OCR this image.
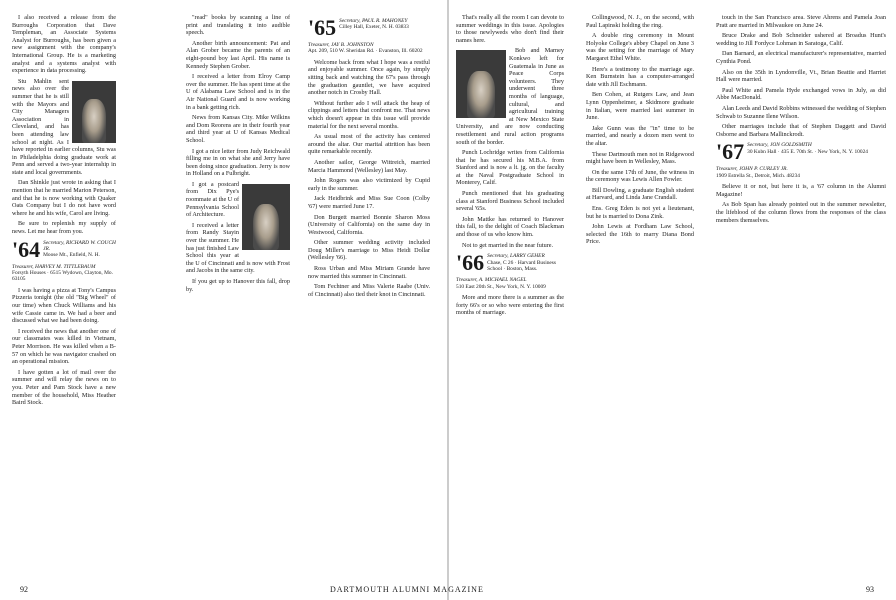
I also received a release from the Burroughs Corporation that Dave Templeman, an Associate Systems Analyst for Burroughs, has been given a new assignment with the company's International Group. He is a marketing analyst and a systems analyst with experience in data processing.

Stu Mahlin sent news also over the summer that he is still with the Mayors and City Managers Association in Cleveland, and has been attending law school at night. As I have reported in earlier columns, Stu was in Philadelphia doing graduate work at Penn and served a two-year internship in state and local governments.

Dan Shinkle just wrote in asking that I mention that he married Marion Peterson, and that he is now working with Quaker Oats Company but I do not have word where he and his wife, Carol are living.

Be sure to replenish my supply of news. Let me hear from you.

'64 Secretary, RICHARD W. COUCH JR.
Moose Mt., Enfield, N. H.
Treasurer, HARVEY M. TITTLEBAUM
Forsyth Houses · 6515 Wydown, Clayton, Mo. 63105

I was having a pizza at Tony's Campus Pizzeria tonight (the old "Big Wheel" of our time) when Chuck Williams and his wife Cassie came in. We had a beer and discussed what we had been doing.

I received the news that another one of our classmates was killed in Vietnam, Peter Morrison. He was killed when a B-57 on which he was navigator crashed on an operational mission.

I have gotten a lot of mail over the summer and will relay the news on to you. Peter and Pam Stock have a new member of the household, Miss Heather Baird Stock.

"read" books by scanning a line of print and translating it into audible speech.

Another birth announcement: Pat and Alan Grober became the parents of an eight-pound boy last April. His name is Kennedy Stephen Grober.

I received a letter from Elroy Camp over the summer. He has spent time at the U of Alabama Law School and is in the Air National Guard and is now working in a bank getting rich.

News from Kansas City. Mike Wilkins and Dom Reorens are in their fourth year and third year at U of Kansas Medical School.

I got a nice letter from Judy Reichwald filling me in on what she and Jerry have been doing since graduation. Jerry is now in Holland on a Fulbright.

I got a postcard from Dix Pye's roommate at the U of Pennsylvania School of Architecture.

I received a letter from Randy Stayin over the summer. He has just finished Law School this year at the U of Cincinnati and is now with Frost and Jacobs in the same city.

If you get up to Hanover this fall, drop by.

'65 Secretary, PAUL R. MAHONEY
Cilley Hall, Exeter, N. H. 03833
Treasurer, JAY B. JOHNSTON
Apt. 209, 510 W. Sheridan Rd. · Evanston, Ill. 60202

Welcome back from what I hope was a restful and enjoyable summer. Once again, by simply sitting back and watching the 67's pass through the graduation gauntlet, we have acquired another notch in Crosby Hall.

Without further ado I will attack the heap of clippings and letters that confront me. That news which doesn't appear in this issue will provide material for the next several months.

As usual most of the activity has centered around the altar. Our marital attrition has been quite remarkable recently.

Another sailor, George Wittreich, married Marcia Hammond (Wellesley) last May.

John Rogers was also victimized by Cupid early in the summer.

Jack Heidbrink and Miss Sue Coon (Colby '67) were married June 17.

Don Burgett married Bonnie Sharon Moss (University of California) on the same day in Westwood, California.

Other summer wedding activity included Doug Miller's marriage to Miss Heidi Dollar (Wellesley '66).

Ross Urban and Miss Miriam Grande have now married this summer in Cincinnati.

Tom Fechtner and Miss Valerie Raabe (Univ. of Cincinnati) also tied their knot in Cincinnati.

That's really all the room I can devote to summer weddings in this issue. Apologies to those newlyweds who don't find their names here.

Bob and Marney Konkwo left for Guatemala in June as Peace Corps volunteers. They underwent three months of language, cultural, and agricultural training at New Mexico State University, and are now conducting resettlement and rural action programs south of the border.

Punch Lochridge writes from California that he has secured his M.B.A. from Stanford and is now a lt. jg. on the faculty at the Naval Postgraduate School in Monterey, Calif.

Punch mentioned that his graduating class at Stanford Business School included several '65s.

John Mattke has returned to Hanover this fall, to the delight of Coach Blackman and those of us who know him.

Not to get married in the near future.

'66 Secretary, LARRY GEHER
Chase, C 26 · Harvard Business School · Boston, Mass.
Treasurer, A. MICHAEL NAGEL
510 East 20th St., New York, N. Y. 10009

More and more there is a summer as the forty 66's or so who were entering the first months of marriage.

Collingwood, N. J., on the second, with Paul Lapinski holding the ring.

A double ring ceremony in Mount Holyoke College's abbey Chapel on June 3 was the setting for the marriage of Mary Margaret Ethel White.

Here's a testimony to the marriage age. Ken Burnstein has a computer-arranged date with Jill Eschmann.

Ben Cohen, at Rutgers Law, and Jean Lynn Oppenheimer, a Skidmore graduate in Italian, were married last summer in June.

Jake Gunn was the "in" time to be married, and nearly a dozen men went to the altar.

These Dartmouth men not in Ridgewood might have been in Wellesley, Mass.

On the same 17th of June, the witness in the ceremony was Lewis Allen Fowler.

Bill Dowling, a graduate English student at Harvard, and Linda Jane Crandall.

Ens. Greg Eden is not yet a lieutenant, but he is married to Dona Zink.

John Lewis at Fordham Law School, selected the 16th to marry Diana Bond Price.

touch in the San Francisco area. Steve Ahrens and Pamela Joan Pratt are married in Milwaukee on June 24.

Bruce Drake and Bob Schneider ushered at Broadus Hunt's wedding to Jill Fordyce Lohman in Saratoga, Calif.

Dan Barnard, an electrical manufacturer's representative, married Cynthia Pond.

Also on the 35th in Lyndonville, Vt., Brian Beattie and Harriet Hall were married.

Paul White and Pamela Hyde exchanged vows in July, as did Abbe MacDonald.

Alan Leeds and David Robbins witnessed the wedding of Stephen Schwab to Suzanne Ilene Wilson.

Other marriages include that of Stephen Daggett and David Osborne and Barbara Mallinckrodt.

'67 Secretary, JON GOLDSMITH
30 Kubn Hall · 435 E. 70th St. · New York, N. Y. 10024
Treasurer, JOHN P. CURLEY JR.
1909 Estrella St., Detroit, Mich. 48234

Believe it or not, but here it is, a '67 column in the Alumni Magazine!

As Bob Span has already pointed out in the summer newsletter, the lifeblood of the column flows from the responses of the class members themselves.

92	DARTMOUTH ALUMNI MAGAZINE	93
